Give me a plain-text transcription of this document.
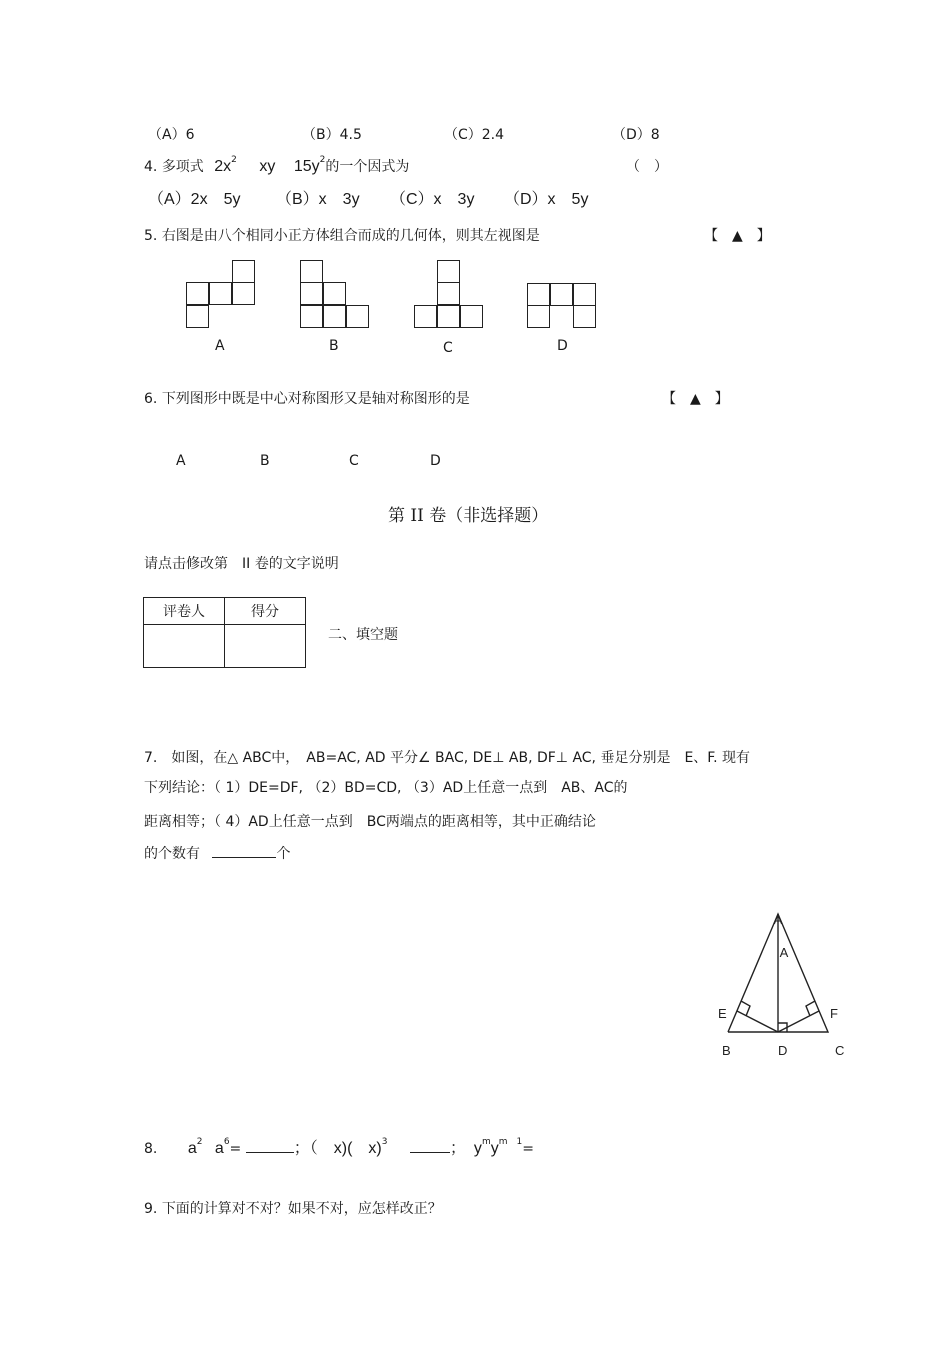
（A）6	（B）4.5	（C）2.4	（D）8
4. 多项式 $2x^2$ xy $15y^2$的一个因式为	（　）
（A）2x　5y （B）x　3y （C）x　3y （D）x　5y
5. 右图是由八个相同小正方体组合而成的几何体，则其左视图是	【　▲　】
A	B	C	D
6. 下列图形中既是中心对称图形又是轴对称图形的是	【　▲　】
A	B	C	D
第 II 卷（非选择题）
请点击修改第　II 卷的文字说明
评卷人	得分

二、填空题
7.　如图，在△ ABC中，　AB=AC, AD 平分∠ BAC, DE⊥ AB, DF⊥ AC, 垂足分别是　E、F. 现有
下列结论：（ 1）DE=DF, （2）BD=CD, （3）AD上任意一点到　AB、AC的
距离相等；（ 4）AD上任意一点到　BC两端点的距离相等，其中正确结论
的个数有	个
A
A
E	F
B	D	C
8. $a^2$ $a^6=$	；（　x)(　x)$^3$	；　$y^my^{m 1}=$
9. 下面的计算对不对？如果不对，应怎样改正？
